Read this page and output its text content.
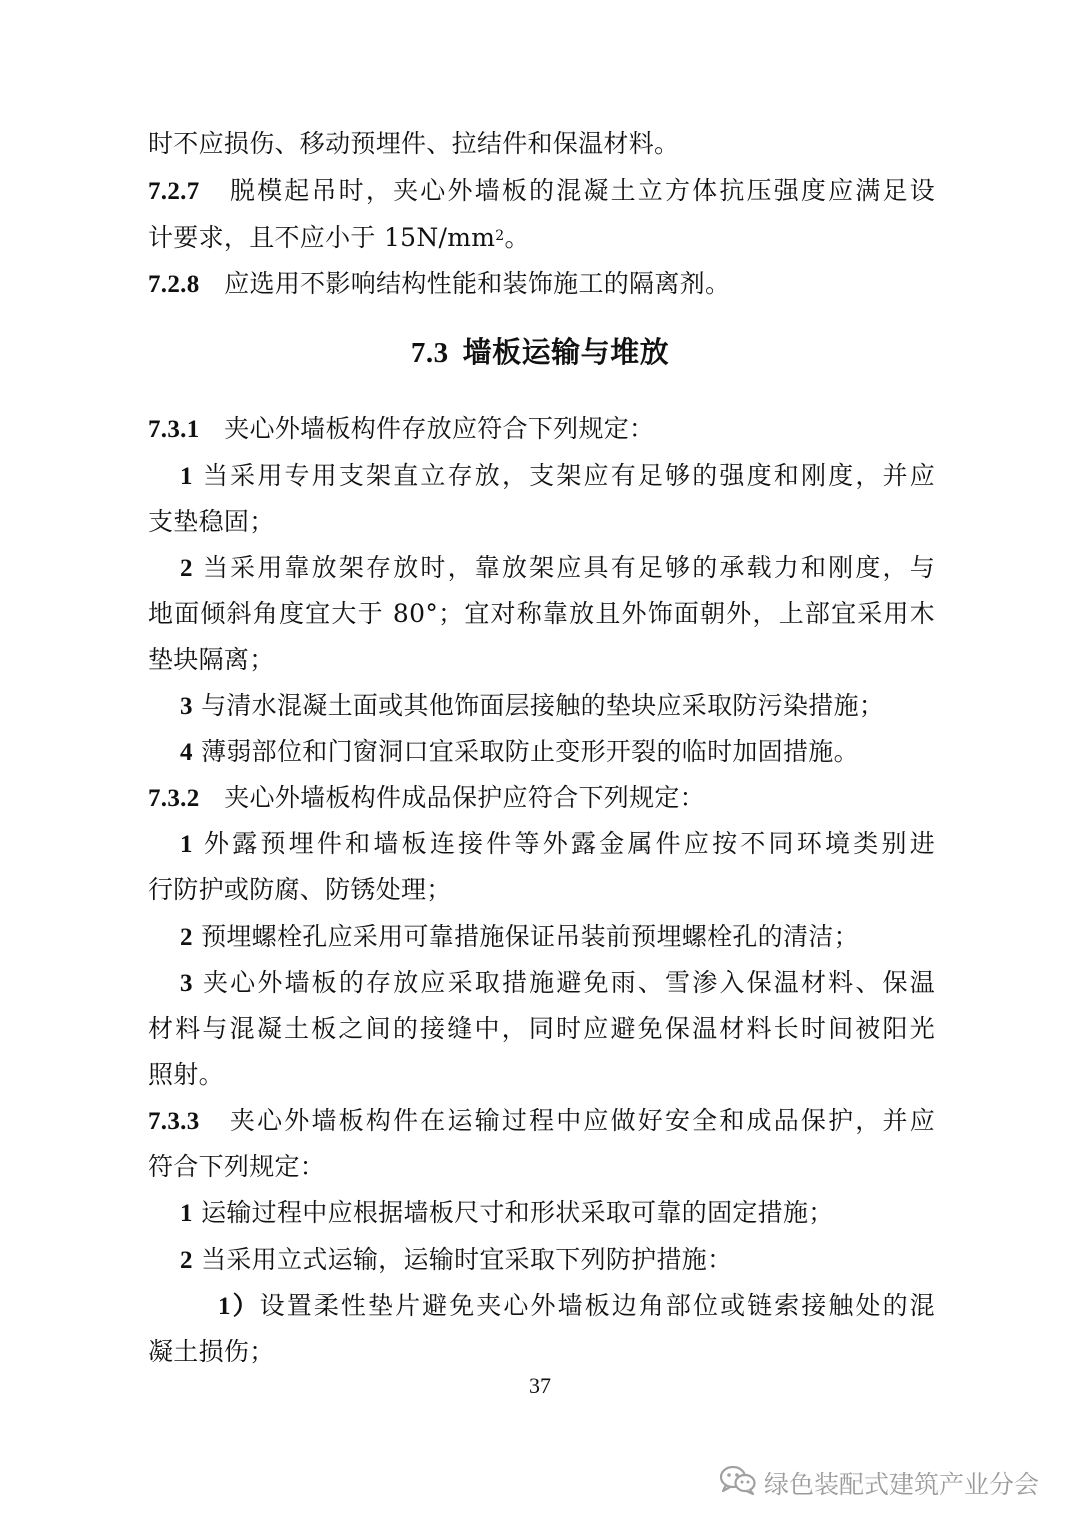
时不应损伤、移动预埋件、拉结件和保温材料。
7.2.7 脱模起吊时，夹心外墙板的混凝土立方体抗压强度应满足设
计要求，且不应小于 $15N/mm^2$。
7.2.8 应选用不影响结构性能和装饰施工的隔离剂。
7.3 墙板运输与堆放
7.3.1 夹心外墙板构件存放应符合下列规定：
1 当采用专用支架直立存放，支架应有足够的强度和刚度，并应
支垫稳固；
2 当采用靠放架存放时，靠放架应具有足够的承载力和刚度，与
地面倾斜角度宜大于 80°；宜对称靠放且外饰面朝外，上部宜采用木
垫块隔离；
3 与清水混凝土面或其他饰面层接触的垫块应采取防污染措施；
4 薄弱部位和门窗洞口宜采取防止变形开裂的临时加固措施。
7.3.2 夹心外墙板构件成品保护应符合下列规定：
1 外露预埋件和墙板连接件等外露金属件应按不同环境类别进
行防护或防腐、防锈处理；
2 预埋螺栓孔应采用可靠措施保证吊装前预埋螺栓孔的清洁；
3 夹心外墙板的存放应采取措施避免雨、雪渗入保温材料、保温
材料与混凝土板之间的接缝中，同时应避免保温材料长时间被阳光
照射。
7.3.3 夹心外墙板构件在运输过程中应做好安全和成品保护，并应
符合下列规定：
1 运输过程中应根据墙板尺寸和形状采取可靠的固定措施；
2 当采用立式运输，运输时宜采取下列防护措施：
1）设置柔性垫片避免夹心外墙板边角部位或链索接触处的混
凝土损伤；
37
绿色装配式建筑产业分会
